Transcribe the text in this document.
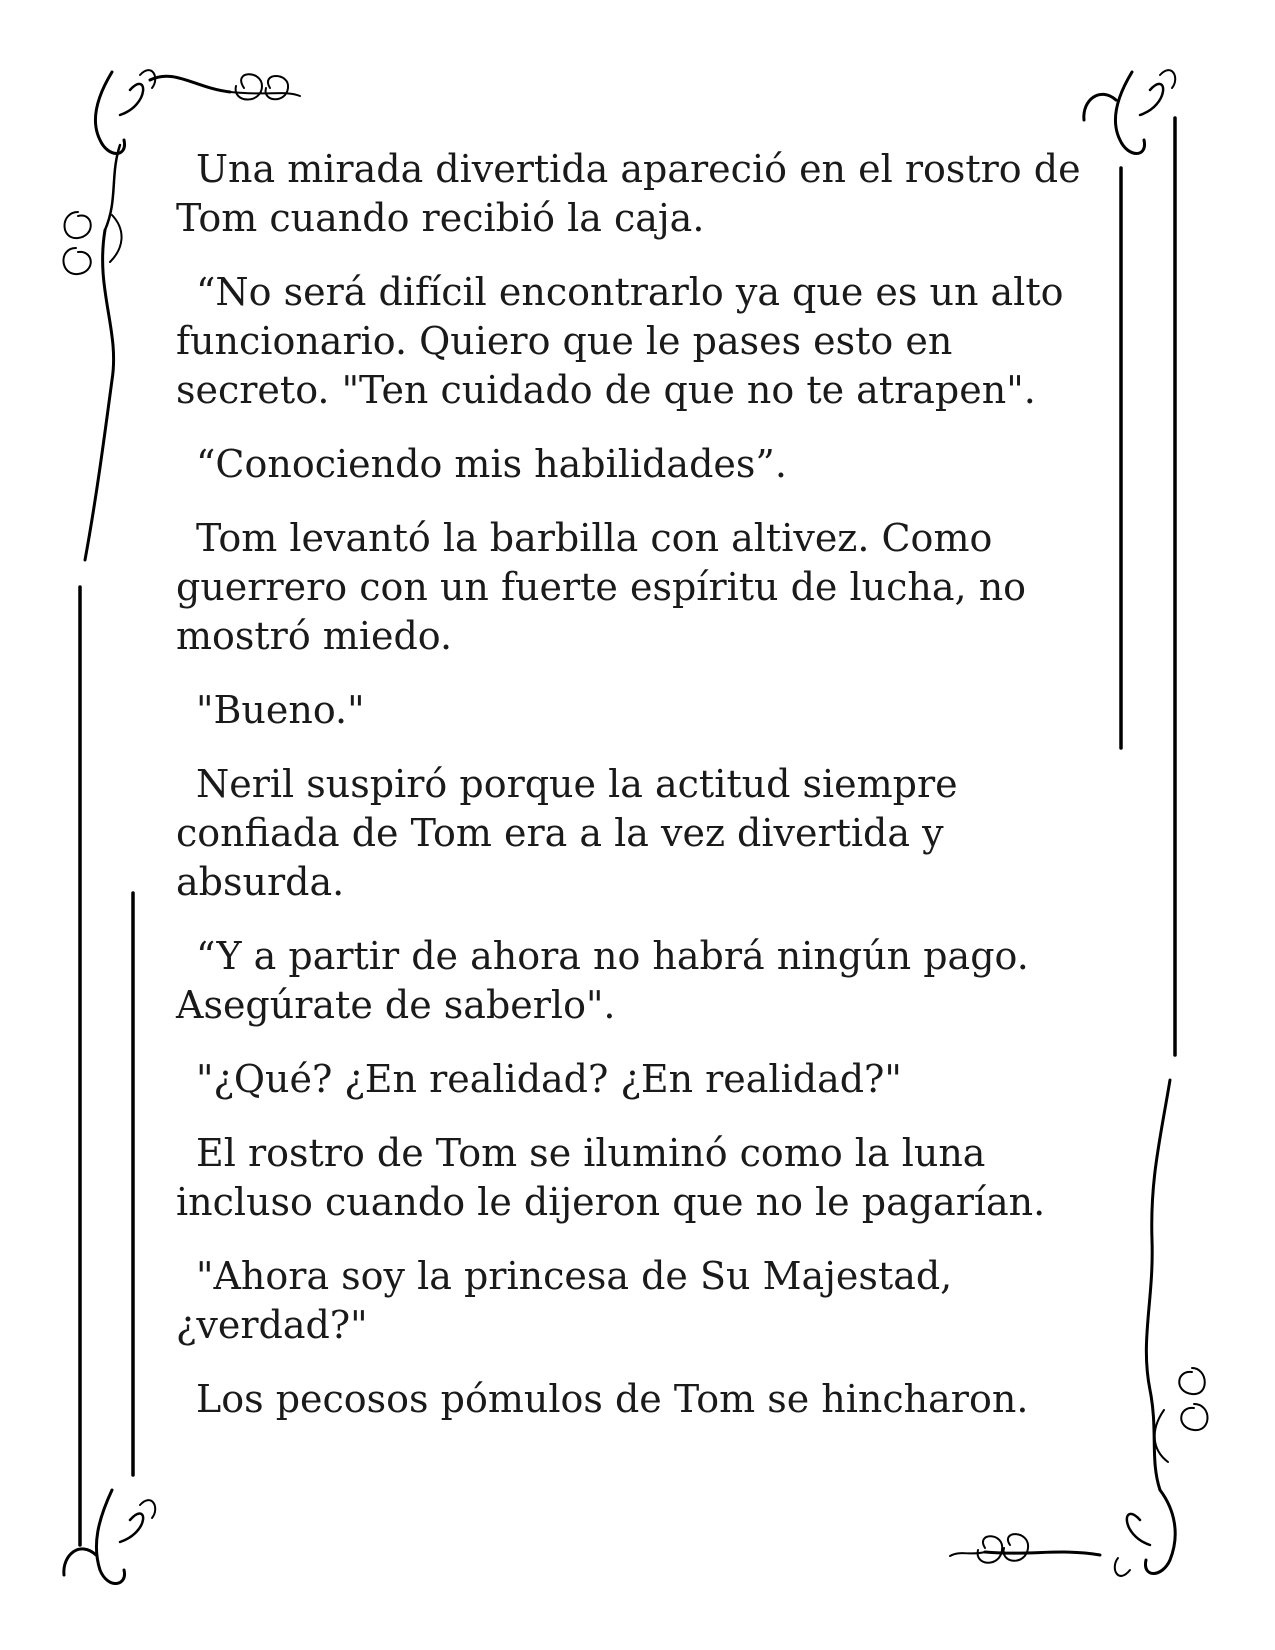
Una mirada divertida apareció en el rostro de Tom cuando recibió la caja.

“No será difícil encontrarlo ya que es un alto funcionario. Quiero que le pases esto en secreto. "Ten cuidado de que no te atrapen".

“Conociendo mis habilidades”.

Tom levantó la barbilla con altivez. Como guerrero con un fuerte espíritu de lucha, no mostró miedo.

"Bueno."

Neril suspiró porque la actitud siempre confiada de Tom era a la vez divertida y absurda.

“Y a partir de ahora no habrá ningún pago. Asegúrate de saberlo".

"¿Qué? ¿En realidad? ¿En realidad?"

El rostro de Tom se iluminó como la luna incluso cuando le dijeron que no le pagarían.

"Ahora soy la princesa de Su Majestad, ¿verdad?"

Los pecosos pómulos de Tom se hincharon.
